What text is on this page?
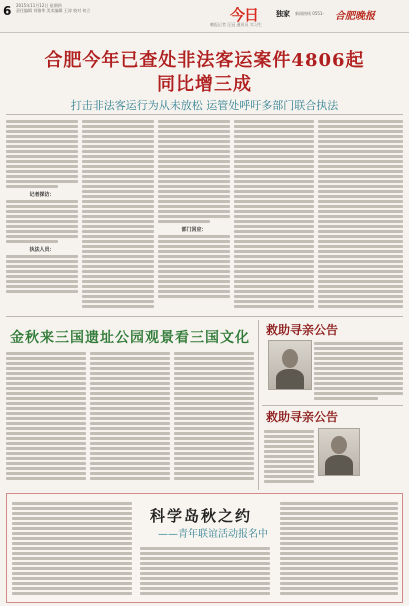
6 2015年11月12日 星期四
责任编辑 刘雅华 美术编辑 王涛 校对 何立	今日	独家 新闻热线 0551- 合肥晚报
晚报记者 汪冠 通讯员 实习生
合肥今年已查处非法客运案件4806起
同比增三成
打击非法客运行为从未放松 运管处呼吁多部门联合执法
记者探访：
执法人员：
部门回应：
金秋来三国遗址公园观景看三国文化 救助寻亲公告
救助寻亲公告
科学岛秋之约
——青年联谊活动报名中
